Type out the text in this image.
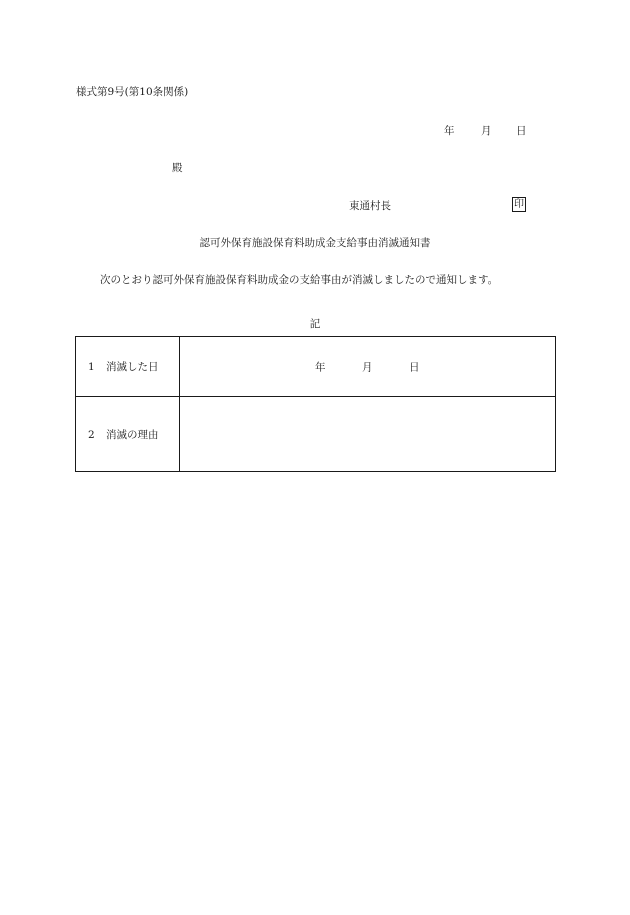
様式第9号(第10条関係)
年	月 日
殿
東通村長	印
認可外保育施設保育料助成金支給事由消滅通知書
次のとおり認可外保育施設保育料助成金の支給事由が消滅しましたので通知します。
記
1 消滅した日	年 月 日

2 消滅の理由	
